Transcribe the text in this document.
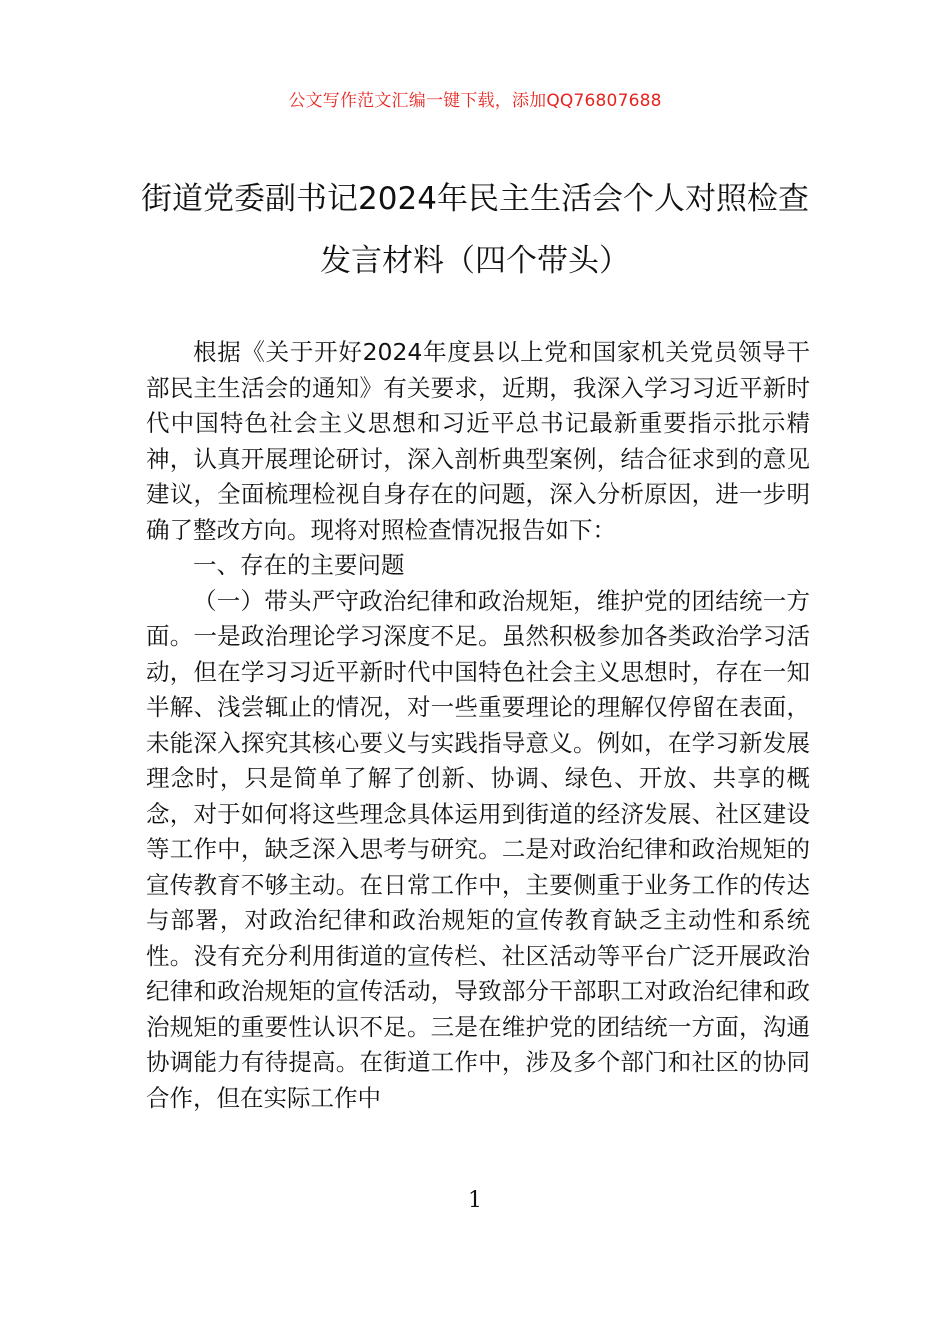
公文写作范文汇编一键下载，添加QQ76807688
街道党委副书记2024年民主生活会个人对照检查发言材料（四个带头）

根据《关于开好2024年度县以上党和国家机关党员领导干部民主生活会的通知》有关要求，近期，我深入学习习近平新时代中国特色社会主义思想和习近平总书记最新重要指示批示精神，认真开展理论研讨，深入剖析典型案例，结合征求到的意见建议，全面梳理检视自身存在的问题，深入分析原因，进一步明确了整改方向。现将对照检查情况报告如下：

一、存在的主要问题

（一）带头严守政治纪律和政治规矩，维护党的团结统一方面。一是政治理论学习深度不足。虽然积极参加各类政治学习活动，但在学习习近平新时代中国特色社会主义思想时，存在一知半解、浅尝辄止的情况，对一些重要理论的理解仅停留在表面，未能深入探究其核心要义与实践指导意义。例如，在学习新发展理念时，只是简单了解了创新、协调、绿色、开放、共享的概念，对于如何将这些理念具体运用到街道的经济发展、社区建设等工作中，缺乏深入思考与研究。二是对政治纪律和政治规矩的宣传教育不够主动。在日常工作中，主要侧重于业务工作的传达与部署，对政治纪律和政治规矩的宣传教育缺乏主动性和系统性。没有充分利用街道的宣传栏、社区活动等平台广泛开展政治纪律和政治规矩的宣传活动，导致部分干部职工对政治纪律和政治规矩的重要性认识不足。三是在维护党的团结统一方面，沟通协调能力有待提高。在街道工作中，涉及多个部门和社区的协同合作，但在实际工作中

1
